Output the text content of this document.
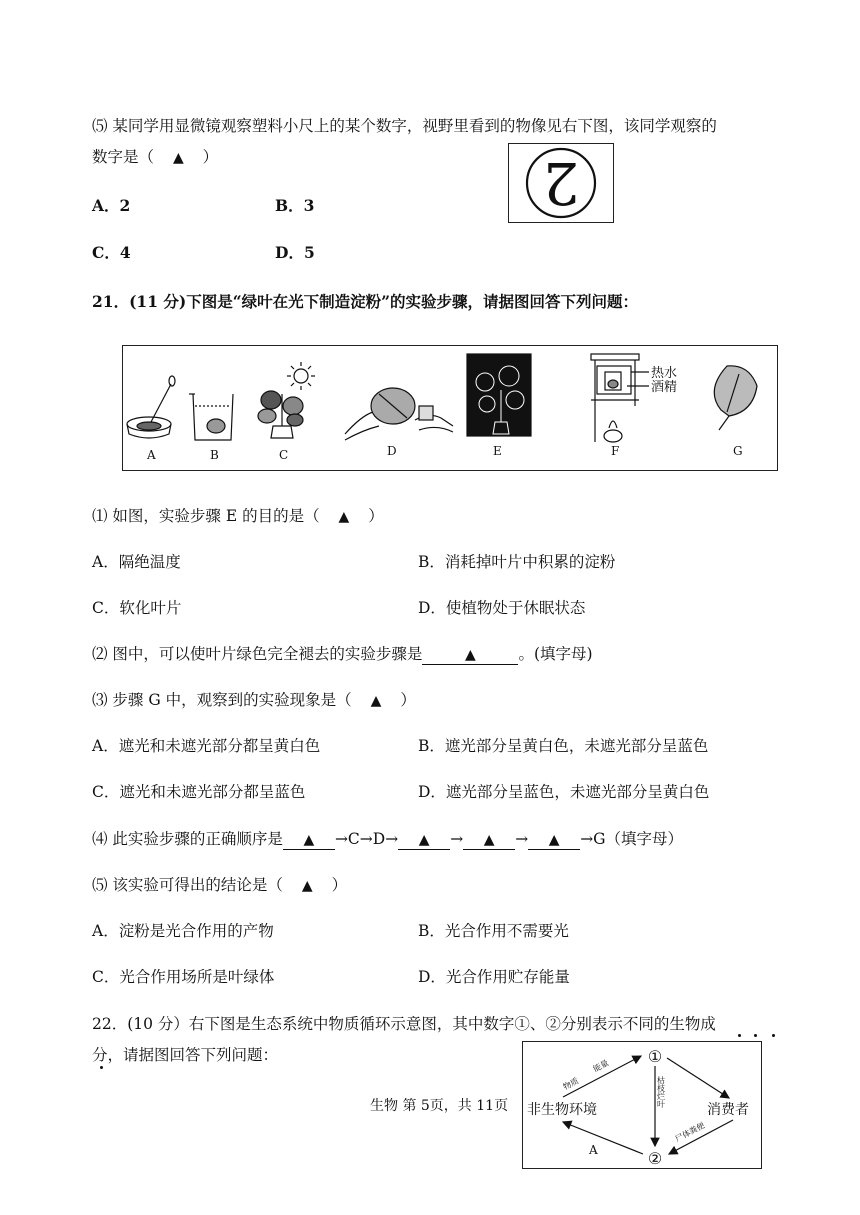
⑸ 某同学用显微镜观察塑料小尺上的某个数字，视野里看到的物像见右下图，该同学观察的
数字是（ ▲ ）
A．2	B．3
C．4	D．5
2
21．(11 分)下图是“绿叶在光下制造淀粉”的实验步骤，请据图回答下列问题：
热水
酒精
A	B	C	D	E	F	G
⑴ 如图，实验步骤 E 的目的是（ ▲ ）
A．隔绝温度	B．消耗掉叶片中积累的淀粉
C．软化叶片	D．使植物处于休眠状态
⑵ 图中，可以使叶片绿色完全褪去的实验步骤是	▲	。(填字母)
⑶ 步骤 G 中，观察到的实验现象是（ ▲ ）
A．遮光和未遮光部分都呈黄白色	B．遮光部分呈黄白色，未遮光部分呈蓝色
C．遮光和未遮光部分都呈蓝色	D．遮光部分呈蓝色，未遮光部分呈黄白色
⑷ 此实验步骤的正确顺序是 ▲ →C→D→ ▲ → ▲ → ▲ →G（填字母）
⑸ 该实验可得出的结论是（ ▲ ）
A．淀粉是光合作用的产物	B．光合作用不需要光
C．光合作用场所是叶绿体	D．光合作用贮存能量
22．(10 分）右下图是生态系统中物质循环示意图，其中数字①、②分别表示不同的生物成
分，请据图回答下列问题：	①
②
非生物环境	消费者
物质
能量
枯枝烂叶
尸体粪便
A
生物 第 5页，共 11页
